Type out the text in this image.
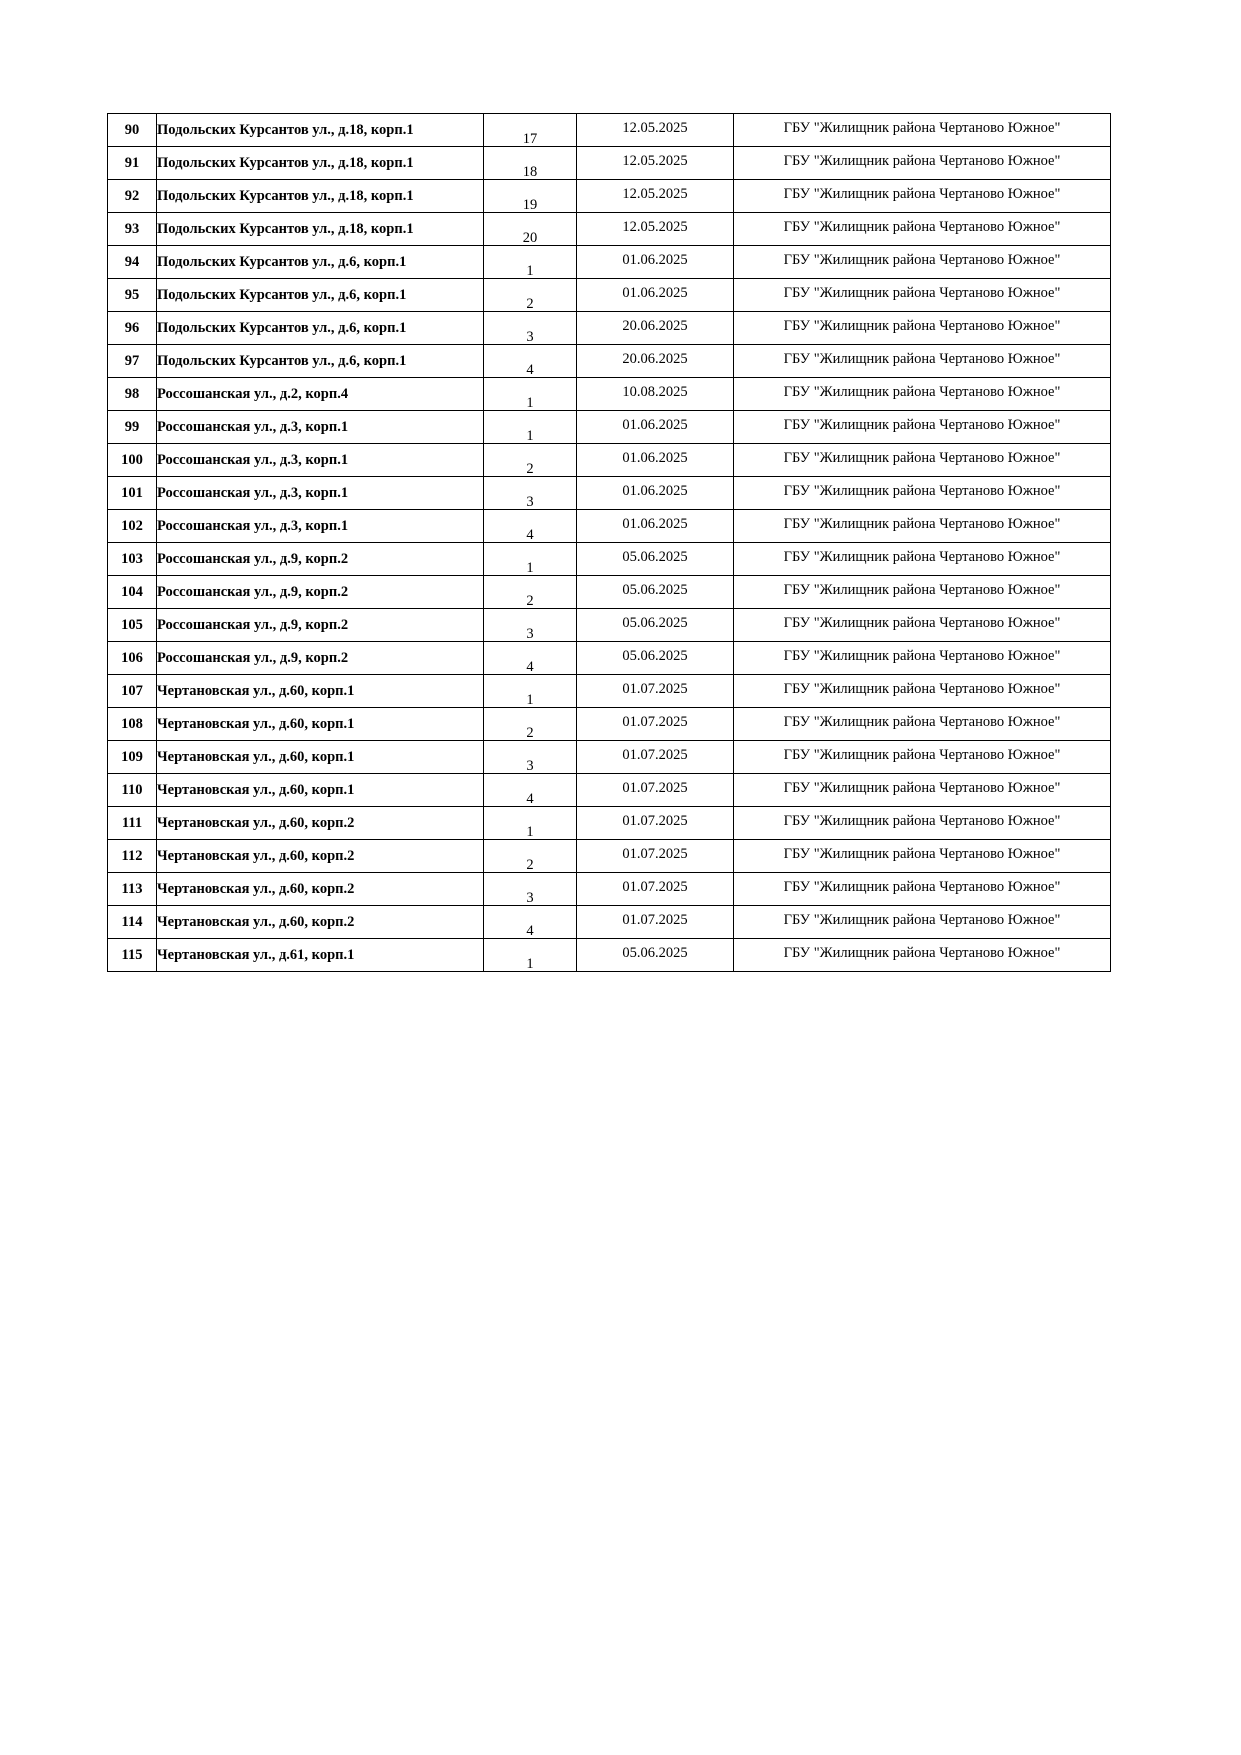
90	Подольских Курсантов ул., д.18, корп.1	17	12.05.2025	ГБУ "Жилищник района Чертаново Южное"
91	Подольских Курсантов ул., д.18, корп.1	18	12.05.2025	ГБУ "Жилищник района Чертаново Южное"
92	Подольских Курсантов ул., д.18, корп.1	19	12.05.2025	ГБУ "Жилищник района Чертаново Южное"
93	Подольских Курсантов ул., д.18, корп.1	20	12.05.2025	ГБУ "Жилищник района Чертаново Южное"
94	Подольских Курсантов ул., д.6, корп.1	1	01.06.2025	ГБУ "Жилищник района Чертаново Южное"
95	Подольских Курсантов ул., д.6, корп.1	2	01.06.2025	ГБУ "Жилищник района Чертаново Южное"
96	Подольских Курсантов ул., д.6, корп.1	3	20.06.2025	ГБУ "Жилищник района Чертаново Южное"
97	Подольских Курсантов ул., д.6, корп.1	4	20.06.2025	ГБУ "Жилищник района Чертаново Южное"
98	Россошанская ул., д.2, корп.4	1	10.08.2025	ГБУ "Жилищник района Чертаново Южное"
99	Россошанская ул., д.3, корп.1	1	01.06.2025	ГБУ "Жилищник района Чертаново Южное"
100	Россошанская ул., д.3, корп.1	2	01.06.2025	ГБУ "Жилищник района Чертаново Южное"
101	Россошанская ул., д.3, корп.1	3	01.06.2025	ГБУ "Жилищник района Чертаново Южное"
102	Россошанская ул., д.3, корп.1	4	01.06.2025	ГБУ "Жилищник района Чертаново Южное"
103	Россошанская ул., д.9, корп.2	1	05.06.2025	ГБУ "Жилищник района Чертаново Южное"
104	Россошанская ул., д.9, корп.2	2	05.06.2025	ГБУ "Жилищник района Чертаново Южное"
105	Россошанская ул., д.9, корп.2	3	05.06.2025	ГБУ "Жилищник района Чертаново Южное"
106	Россошанская ул., д.9, корп.2	4	05.06.2025	ГБУ "Жилищник района Чертаново Южное"
107	Чертановская ул., д.60, корп.1	1	01.07.2025	ГБУ "Жилищник района Чертаново Южное"
108	Чертановская ул., д.60, корп.1	2	01.07.2025	ГБУ "Жилищник района Чертаново Южное"
109	Чертановская ул., д.60, корп.1	3	01.07.2025	ГБУ "Жилищник района Чертаново Южное"
110	Чертановская ул., д.60, корп.1	4	01.07.2025	ГБУ "Жилищник района Чертаново Южное"
111	Чертановская ул., д.60, корп.2	1	01.07.2025	ГБУ "Жилищник района Чертаново Южное"
112	Чертановская ул., д.60, корп.2	2	01.07.2025	ГБУ "Жилищник района Чертаново Южное"
113	Чертановская ул., д.60, корп.2	3	01.07.2025	ГБУ "Жилищник района Чертаново Южное"
114	Чертановская ул., д.60, корп.2	4	01.07.2025	ГБУ "Жилищник района Чертаново Южное"
115	Чертановская ул., д.61, корп.1	1	05.06.2025	ГБУ "Жилищник района Чертаново Южное"
